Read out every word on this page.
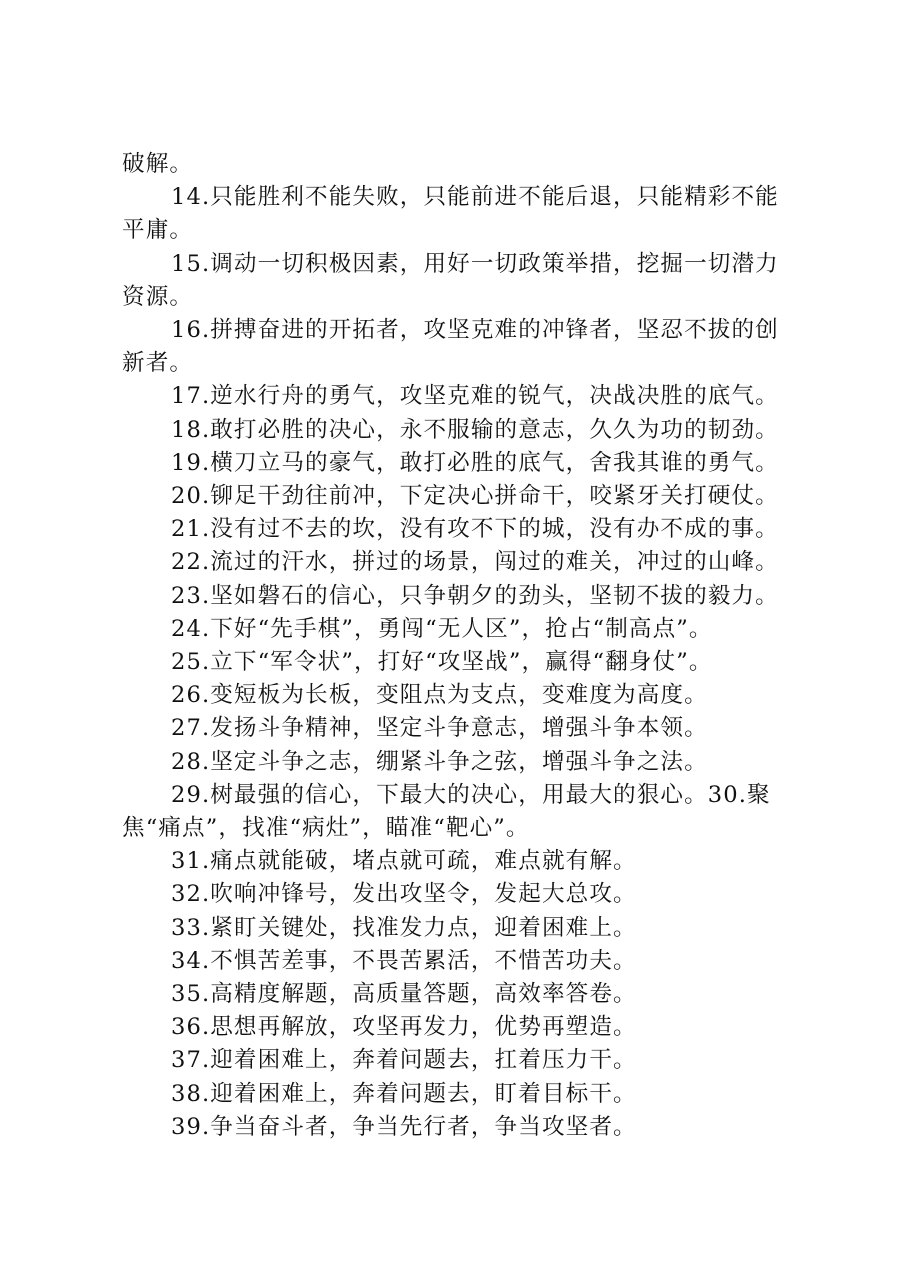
破解。

14.只能胜利不能失败，只能前进不能后退，只能精彩不能平庸。

15.调动一切积极因素，用好一切政策举措，挖掘一切潜力资源。

16.拼搏奋进的开拓者，攻坚克难的冲锋者，坚忍不拔的创新者。

17.逆水行舟的勇气，攻坚克难的锐气，决战决胜的底气。

18.敢打必胜的决心，永不服输的意志，久久为功的韧劲。

19.横刀立马的豪气，敢打必胜的底气，舍我其谁的勇气。

20.铆足干劲往前冲，下定决心拼命干，咬紧牙关打硬仗。

21.没有过不去的坎，没有攻不下的城，没有办不成的事。

22.流过的汗水，拼过的场景，闯过的难关，冲过的山峰。

23.坚如磐石的信心，只争朝夕的劲头，坚韧不拔的毅力。

24.下好“先手棋”，勇闯“无人区”，抢占“制高点”。

25.立下“军令状”，打好“攻坚战”，赢得“翻身仗”。

26.变短板为长板，变阻点为支点，变难度为高度。

27.发扬斗争精神，坚定斗争意志，增强斗争本领。

28.坚定斗争之志，绷紧斗争之弦，增强斗争之法。

29.树最强的信心，下最大的决心，用最大的狠心。30.聚焦“痛点”，找准“病灶”，瞄准“靶心”。

31.痛点就能破，堵点就可疏，难点就有解。

32.吹响冲锋号，发出攻坚令，发起大总攻。

33.紧盯关键处，找准发力点，迎着困难上。

34.不惧苦差事，不畏苦累活，不惜苦功夫。

35.高精度解题，高质量答题，高效率答卷。

36.思想再解放，攻坚再发力，优势再塑造。

37.迎着困难上，奔着问题去，扛着压力干。

38.迎着困难上，奔着问题去，盯着目标干。

39.争当奋斗者，争当先行者，争当攻坚者。
